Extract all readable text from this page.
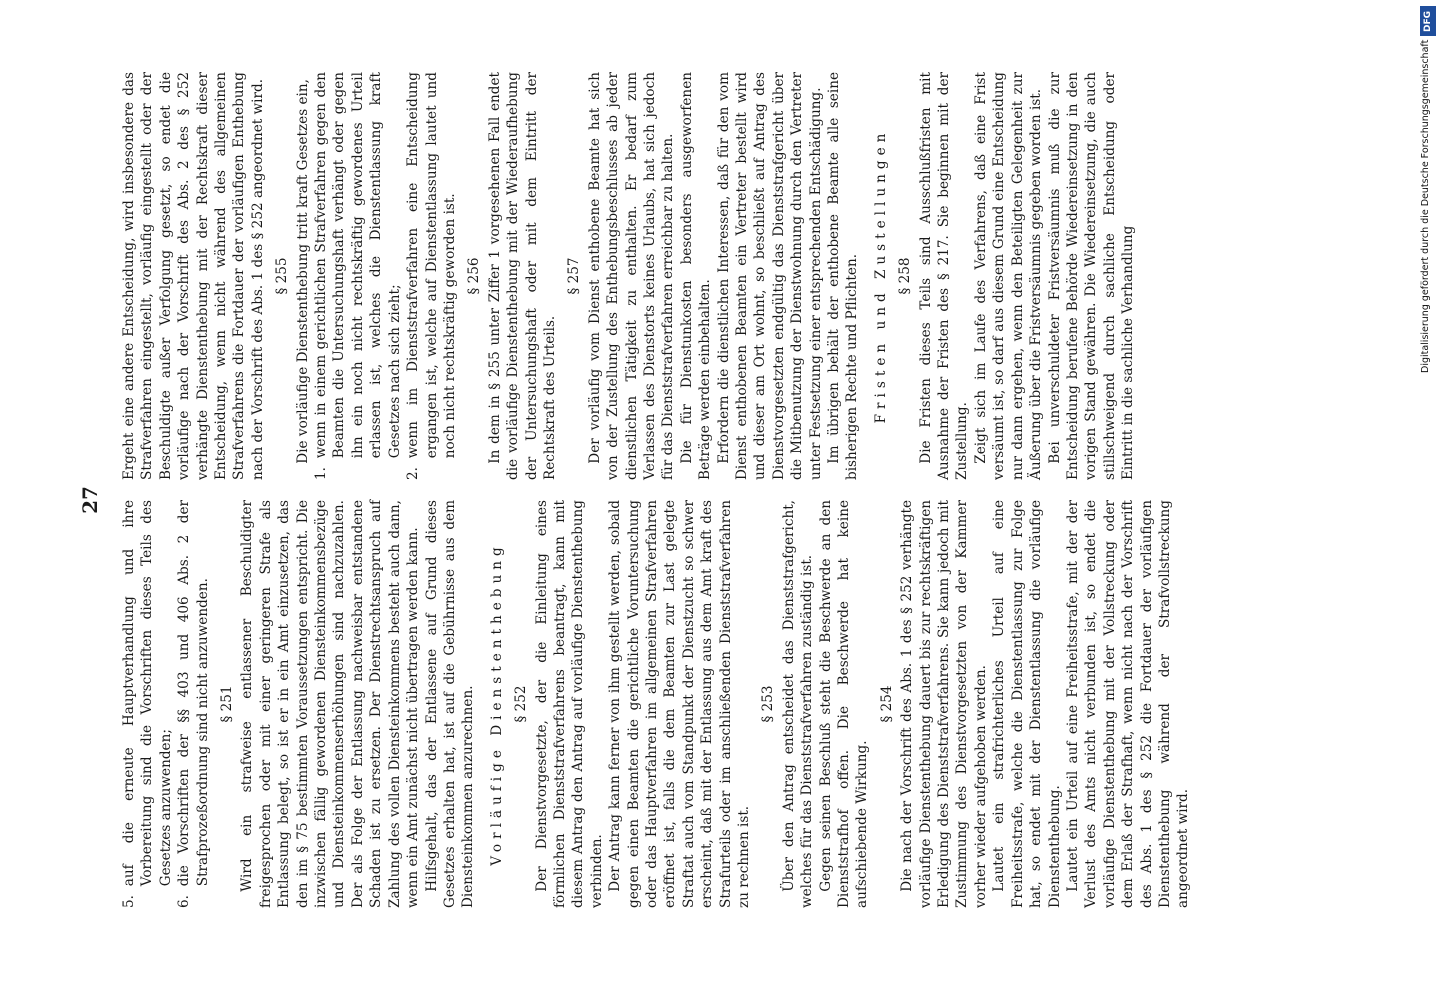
27

5.
auf die erneute Hauptverhandlung und ihre Vorbereitung sind die Vorschriften dieses Teils des Gesetzes anzuwenden;

6.
die Vorschriften der §§ 403 und 406 Abs. 2 der Strafprozeßordnung sind nicht anzuwenden. § 251 Wird ein strafweise entlassener Beschuldigter freigesprochen oder mit einer geringeren Strafe als Entlassung belegt, so ist er in ein Amt einzusetzen, das den im § 75 bestimmten Voraussetzungen entspricht. Die inzwischen fällig gewordenen Diensteinkommensbezüge und Diensteinkommenserhöhungen sind nachzuzahlen. Der als Folge der Entlassung nachweisbar entstandene Schaden ist zu ersetzen. Der Dienstrechtsanspruch auf Zahlung des vollen Diensteinkommens besteht auch dann, wenn ein Amt zunächst nicht übertragen werden kann. Hilfsgehalt, das der Entlassene auf Grund dieses Gesetzes erhalten hat, ist auf die Gebührnisse aus dem Diensteinkommen anzurechnen. Vorläufige Dienstenthebung § 252 Der Dienstvorgesetzte, der die Einleitung eines förmlichen Dienststrafverfahrens beantragt, kann mit diesem Antrag den Antrag auf vorläufige Dienstenthebung verbinden. Der Antrag kann ferner von ihm gestellt werden, sobald gegen einen Beamten die gerichtliche Voruntersuchung oder das Hauptverfahren im allgemeinen Strafverfahren eröffnet ist, falls die dem Beamten zur Last gelegte Straftat auch vom Standpunkt der Dienstzucht so schwer erscheint, daß mit der Entlassung aus dem Amt kraft des Strafurteils oder im anschließenden Dienststrafverfahren zu rechnen ist.

§ 253 Über den Antrag entscheidet das Dienststrafgericht, welches für das Dienststrafverfahren zuständig ist. Gegen seinen Beschluß steht die Beschwerde an den Dienststrafhof offen. Die Beschwerde hat keine aufschiebende Wirkung.

§ 254 Die nach der Vorschrift des Abs. 1 des § 252 verhängte vorläufige Dienstenthebung dauert bis zur rechtskräftigen Erledigung des Dienststrafverfahrens. Sie kann jedoch mit Zustimmung des Dienstvorgesetzten von der Kammer vorher wieder aufgehoben werden. Lautet ein strafrichterliches Urteil auf eine Freiheitsstrafe, welche die Dienstentlassung zur Folge hat, so endet mit der Dienstentlassung die vorläufige Dienstenthebung. Lautet ein Urteil auf eine Freiheitsstrafe, mit der der Verlust des Amts nicht verbunden ist, so endet die vorläufige Dienstenthebung mit der Vollstreckung oder dem Erlaß der Strafhaft, wenn nicht nach der Vorschrift des Abs. 1 des § 252 die Fortdauer der vorläufigen Dienstenthebung während der Strafvollstreckung angeordnet wird.

Ergeht eine andere Entscheidung, wird insbesondere das Strafverfahren eingestellt, vorläufig eingestellt oder der Beschuldigte außer Verfolgung gesetzt, so endet die vorläufige nach der Vorschrift des Abs. 2 des § 252 verhängte Dienstenthebung mit der Rechtskraft dieser Entscheidung, wenn nicht während des allgemeinen Strafverfahrens die Fortdauer der vorläufigen Enthebung nach der Vorschrift des Abs. 1 des § 252 angeordnet wird. § 255 Die vorläufige Dienstenthebung tritt kraft Gesetzes ein,

1.
wenn in einem gerichtlichen Strafverfahren gegen den Beamten die Untersuchungshaft verhängt oder gegen ihn ein noch nicht rechtskräftig gewordenes Urteil erlassen ist, welches die Dienstentlassung kraft Gesetzes nach sich zieht;

2.
wenn im Dienststrafverfahren eine Entscheidung ergangen ist, welche auf Dienstentlassung lautet und noch nicht rechtskräftig geworden ist. § 256 In dem in § 255 unter Ziffer 1 vorgesehenen Fall endet die vorläufige Dienstenthebung mit der Wiederaufhebung der Untersuchungshaft oder mit dem Eintritt der Rechtskraft des Urteils.

§ 257 Der vorläufig vom Dienst enthobene Beamte hat sich von der Zustellung des Enthebungsbeschlusses ab jeder dienstlichen Tätigkeit zu enthalten. Er bedarf zum Verlassen des Dienstorts keines Urlaubs, hat sich jedoch für das Dienststrafverfahren erreichbar zu halten. Die für Dienstunkosten besonders ausgeworfenen Beträge werden einbehalten. Erfordern die dienstlichen Interessen, daß für den vom Dienst enthobenen Beamten ein Vertreter bestellt wird und dieser am Ort wohnt, so beschließt auf Antrag des Dienstvorgesetzten endgültig das Dienststrafgericht über die Mitbenutzung der Dienstwohnung durch den Vertreter unter Festsetzung einer entsprechenden Entschädigung. Im übrigen behält der enthobene Beamte alle seine bisherigen Rechte und Pflichten. Fristen und Zustellungen § 258 Die Fristen dieses Teils sind Ausschlußfristen mit Ausnahme der Fristen des § 217. Sie beginnen mit der Zustellung. Zeigt sich im Laufe des Verfahrens, daß eine Frist versäumt ist, so darf aus diesem Grund eine Entscheidung nur dann ergehen, wenn den Beteiligten Gelegenheit zur Äußerung über die Fristversäumnis gegeben worden ist. Bei unverschuldeter Fristversäumnis muß die zur Entscheidung berufene Behörde Wiedereinsetzung in den vorigen Stand gewähren. Die Wiedereinsetzung, die auch stillschweigend durch sachliche Entscheidung oder Eintritt in die sachliche Verhandlung

DFG
Digitalisierung gefördert durch die Deutsche Forschungsgemeinschaft
